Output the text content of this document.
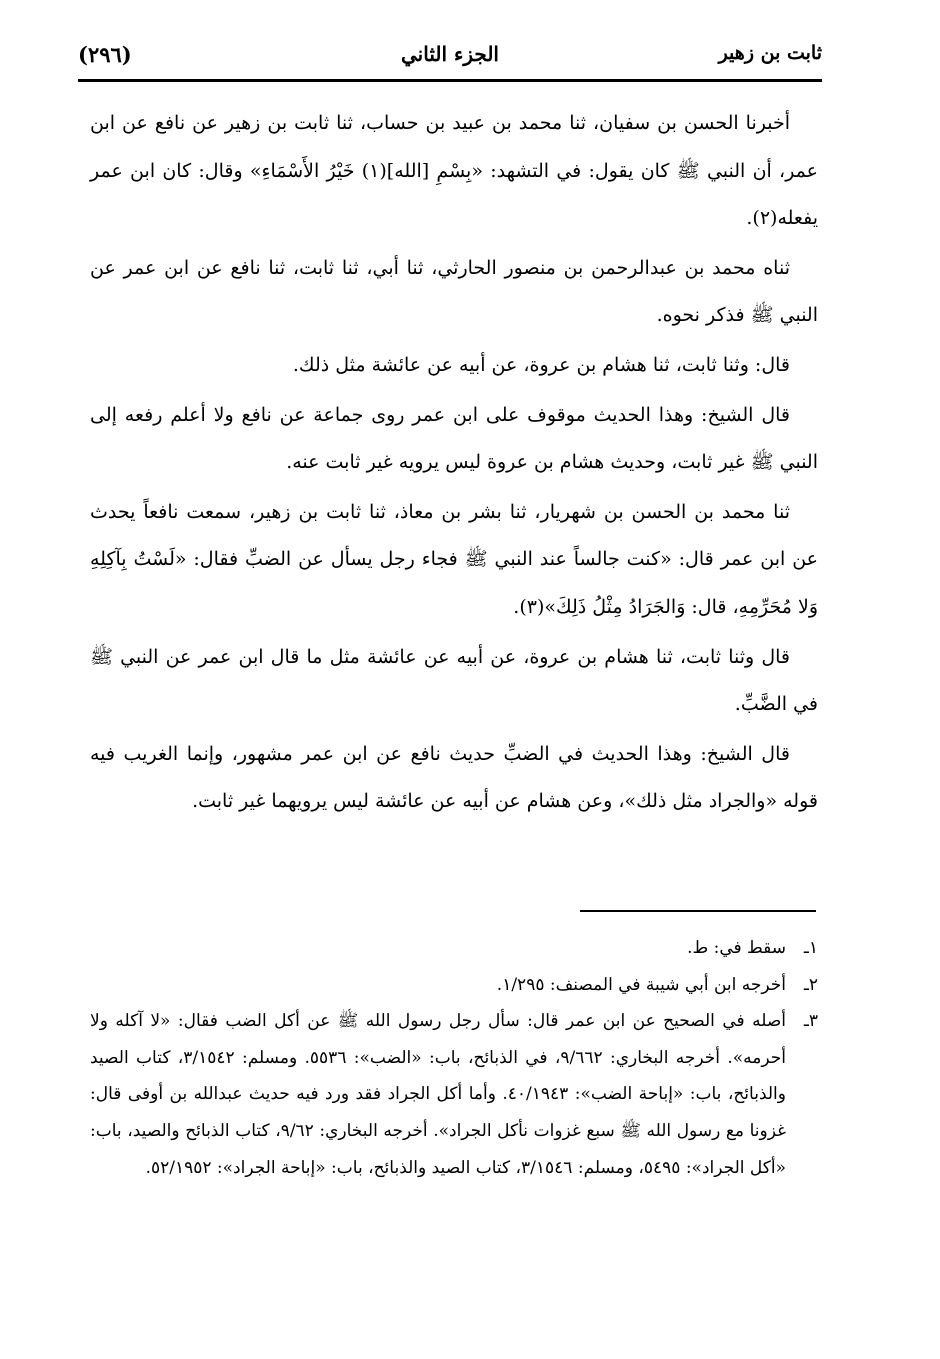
ثابت بن زهير
الجزء الثاني
(٢٩٦)

أخبرنا الحسن بن سفيان، ثنا محمد بن عبيد بن حساب، ثنا ثابت بن زهير عن نافع عن ابن عمر، أن النبي ﷺ كان يقول: في التشهد: «بِسْمِ [الله](١) خَيْرُ الأَسْمَاءِ» وقال: كان ابن عمر يفعله(٢).

ثناه محمد بن عبدالرحمن بن منصور الحارثي، ثنا أبي، ثنا ثابت، ثنا نافع عن ابن عمر عن النبي ﷺ فذكر نحوه.

قال: وثنا ثابت، ثنا هشام بن عروة، عن أبيه عن عائشة مثل ذلك.

قال الشيخ: وهذا الحديث موقوف على ابن عمر روى جماعة عن نافع ولا أعلم رفعه إلى النبي ﷺ غير ثابت، وحديث هشام بن عروة ليس يرويه غير ثابت عنه.

ثنا محمد بن الحسن بن شهريار، ثنا بشر بن معاذ، ثنا ثابت بن زهير، سمعت نافعاً يحدث عن ابن عمر قال: «كنت جالساً عند النبي ﷺ فجاء رجل يسأل عن الضبِّ فقال: «لَسْتُ بِآكِلِهِ وَلا مُحَرِّمِهِ، قال: وَالجَرَادُ مِثْلُ ذَلِكَ»(٣).

قال وثنا ثابت، ثنا هشام بن عروة، عن أبيه عن عائشة مثل ما قال ابن عمر عن النبي ﷺ في الضَّبِّ.

قال الشيخ: وهذا الحديث في الضبِّ حديث نافع عن ابن عمر مشهور، وإنما الغريب فيه قوله «والجراد مثل ذلك»، وعن هشام عن أبيه عن عائشة ليس يرويهما غير ثابت.

١ـ
سقط في: ط.
٢ـ
أخرجه ابن أبي شيبة في المصنف: ١/٢٩٥.
٣ـ
أصله في الصحيح عن ابن عمر قال: سأل رجل رسول الله ﷺ عن أكل الضب فقال: «لا آكله ولا أحرمه». أخرجه البخاري: ٩/٦٦٢، في الذبائح، باب: «الضب»: ٥٥٣٦. ومسلم: ٣/١٥٤٢، كتاب الصيد والذبائح، باب: «إباحة الضب»: ٤٠/١٩٤٣. وأما أكل الجراد فقد ورد فيه حديث عبدالله بن أوفى قال: غزونا مع رسول الله ﷺ سبع غزوات نأكل الجراد». أخرجه البخاري: ٩/٦٢، كتاب الذبائح والصيد، باب: «أكل الجراد»: ٥٤٩٥، ومسلم: ٣/١٥٤٦، كتاب الصيد والذبائح، باب: «إباحة الجراد»: ٥٢/١٩٥٢.
